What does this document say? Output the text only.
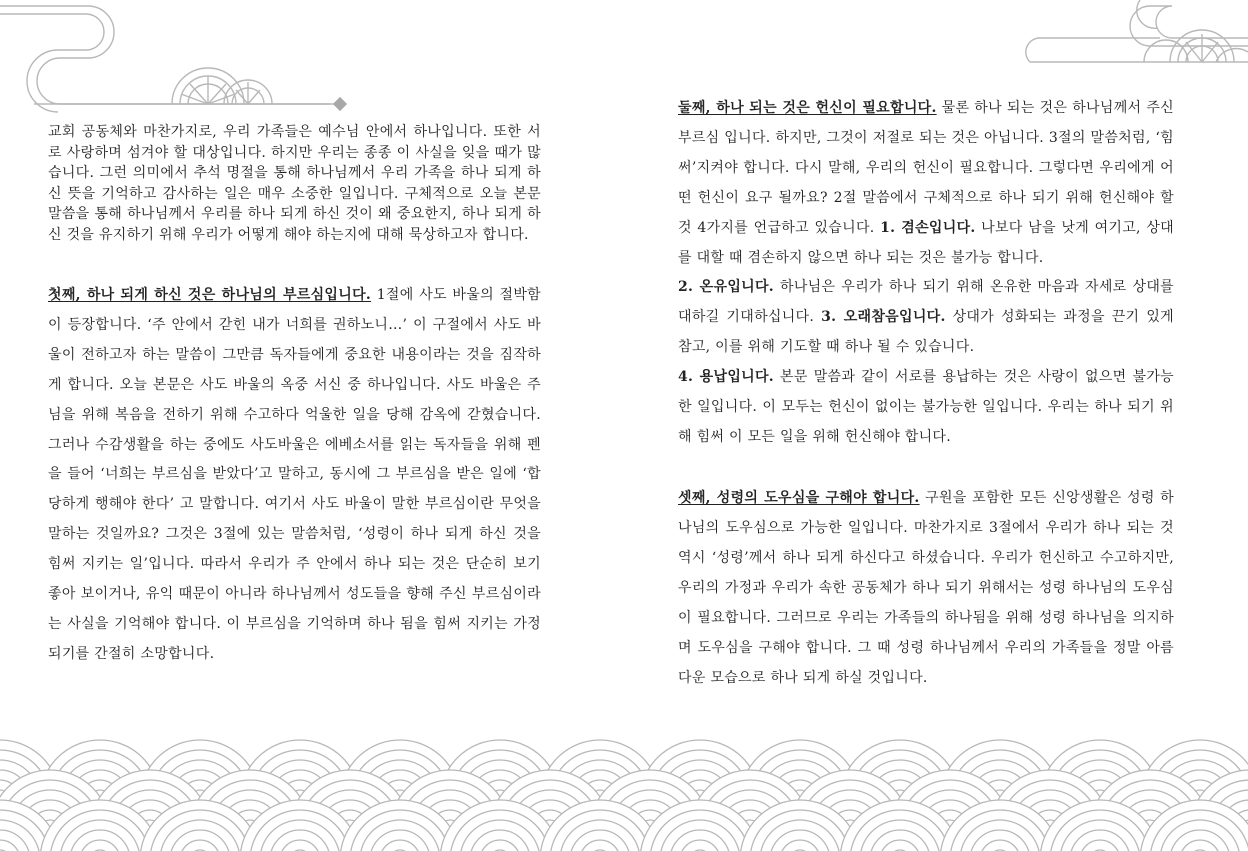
교회 공동체와 마찬가지로, 우리 가족들은 예수님 안에서 하나입니다. 또한 서로 사랑하며 섬겨야 할 대상입니다. 하지만 우리는 종종 이 사실을 잊을 때가 많습니다. 그런 의미에서 추석 명절을 통해 하나님께서 우리 가족을 하나 되게 하신 뜻을 기억하고 감사하는 일은 매우 소중한 일입니다. 구체적으로 오늘 본문 말씀을 통해 하나님께서 우리를 하나 되게 하신 것이 왜 중요한지, 하나 되게 하신 것을 유지하기 위해 우리가 어떻게 해야 하는지에 대해 묵상하고자 합니다.

첫째, 하나 되게 하신 것은 하나님의 부르심입니다. 1절에 사도 바울의 절박함이 등장합니다. ‘주 안에서 갇힌 내가 너희를 권하노니…’ 이 구절에서 사도 바울이 전하고자 하는 말씀이 그만큼 독자들에게 중요한 내용이라는 것을 짐작하게 합니다. 오늘 본문은 사도 바울의 옥중 서신 중 하나입니다. 사도 바울은 주님을 위해 복음을 전하기 위해 수고하다 억울한 일을 당해 감옥에 갇혔습니다. 그러나 수감생활을 하는 중에도 사도바울은 에베소서를 읽는 독자들을 위해 펜을 들어 ‘너희는 부르심을 받았다’고 말하고, 동시에 그 부르심을 받은 일에 ‘합당하게 행해야 한다’ 고 말합니다. 여기서 사도 바울이 말한 부르심이란 무엇을 말하는 것일까요? 그것은 3절에 있는 말씀처럼, ‘성령이 하나 되게 하신 것을 힘써 지키는 일’입니다. 따라서 우리가 주 안에서 하나 되는 것은 단순히 보기 좋아 보이거나, 유익 때문이 아니라 하나님께서 성도들을 향해 주신 부르심이라는 사실을 기억해야 합니다. 이 부르심을 기억하며 하나 됨을 힘써 지키는 가정되기를 간절히 소망합니다.

둘째, 하나 되는 것은 헌신이 필요합니다. 물론 하나 되는 것은 하나님께서 주신 부르심 입니다. 하지만, 그것이 저절로 되는 것은 아닙니다. 3절의 말씀처럼, ‘힘써’지켜야 합니다. 다시 말해, 우리의 헌신이 필요합니다. 그렇다면 우리에게 어떤 헌신이 요구 될까요? 2절 말씀에서 구체적으로 하나 되기 위해 헌신해야 할 것 4가지를 언급하고 있습니다. 1. 겸손입니다. 나보다 남을 낫게 여기고, 상대를 대할 때 겸손하지 않으면 하나 되는 것은 불가능 합니다.
2. 온유입니다. 하나님은 우리가 하나 되기 위해 온유한 마음과 자세로 상대를 대하길 기대하십니다. 3. 오래참음입니다. 상대가 성화되는 과정을 끈기 있게 참고, 이를 위해 기도할 때 하나 될 수 있습니다.
4. 용납입니다. 본문 말씀과 같이 서로를 용납하는 것은 사랑이 없으면 불가능한 일입니다. 이 모두는 헌신이 없이는 불가능한 일입니다. 우리는 하나 되기 위해 힘써 이 모든 일을 위해 헌신해야 합니다.

셋째, 성령의 도우심을 구해야 합니다. 구원을 포함한 모든 신앙생활은 성령 하나님의 도우심으로 가능한 일입니다. 마찬가지로 3절에서 우리가 하나 되는 것 역시 ‘성령’께서 하나 되게 하신다고 하셨습니다. 우리가 헌신하고 수고하지만, 우리의 가정과 우리가 속한 공동체가 하나 되기 위해서는 성령 하나님의 도우심이 필요합니다. 그러므로 우리는 가족들의 하나됨을 위해 성령 하나님을 의지하며 도우심을 구해야 합니다. 그 때 성령 하나님께서 우리의 가족들을 정말 아름다운 모습으로 하나 되게 하실 것입니다.
